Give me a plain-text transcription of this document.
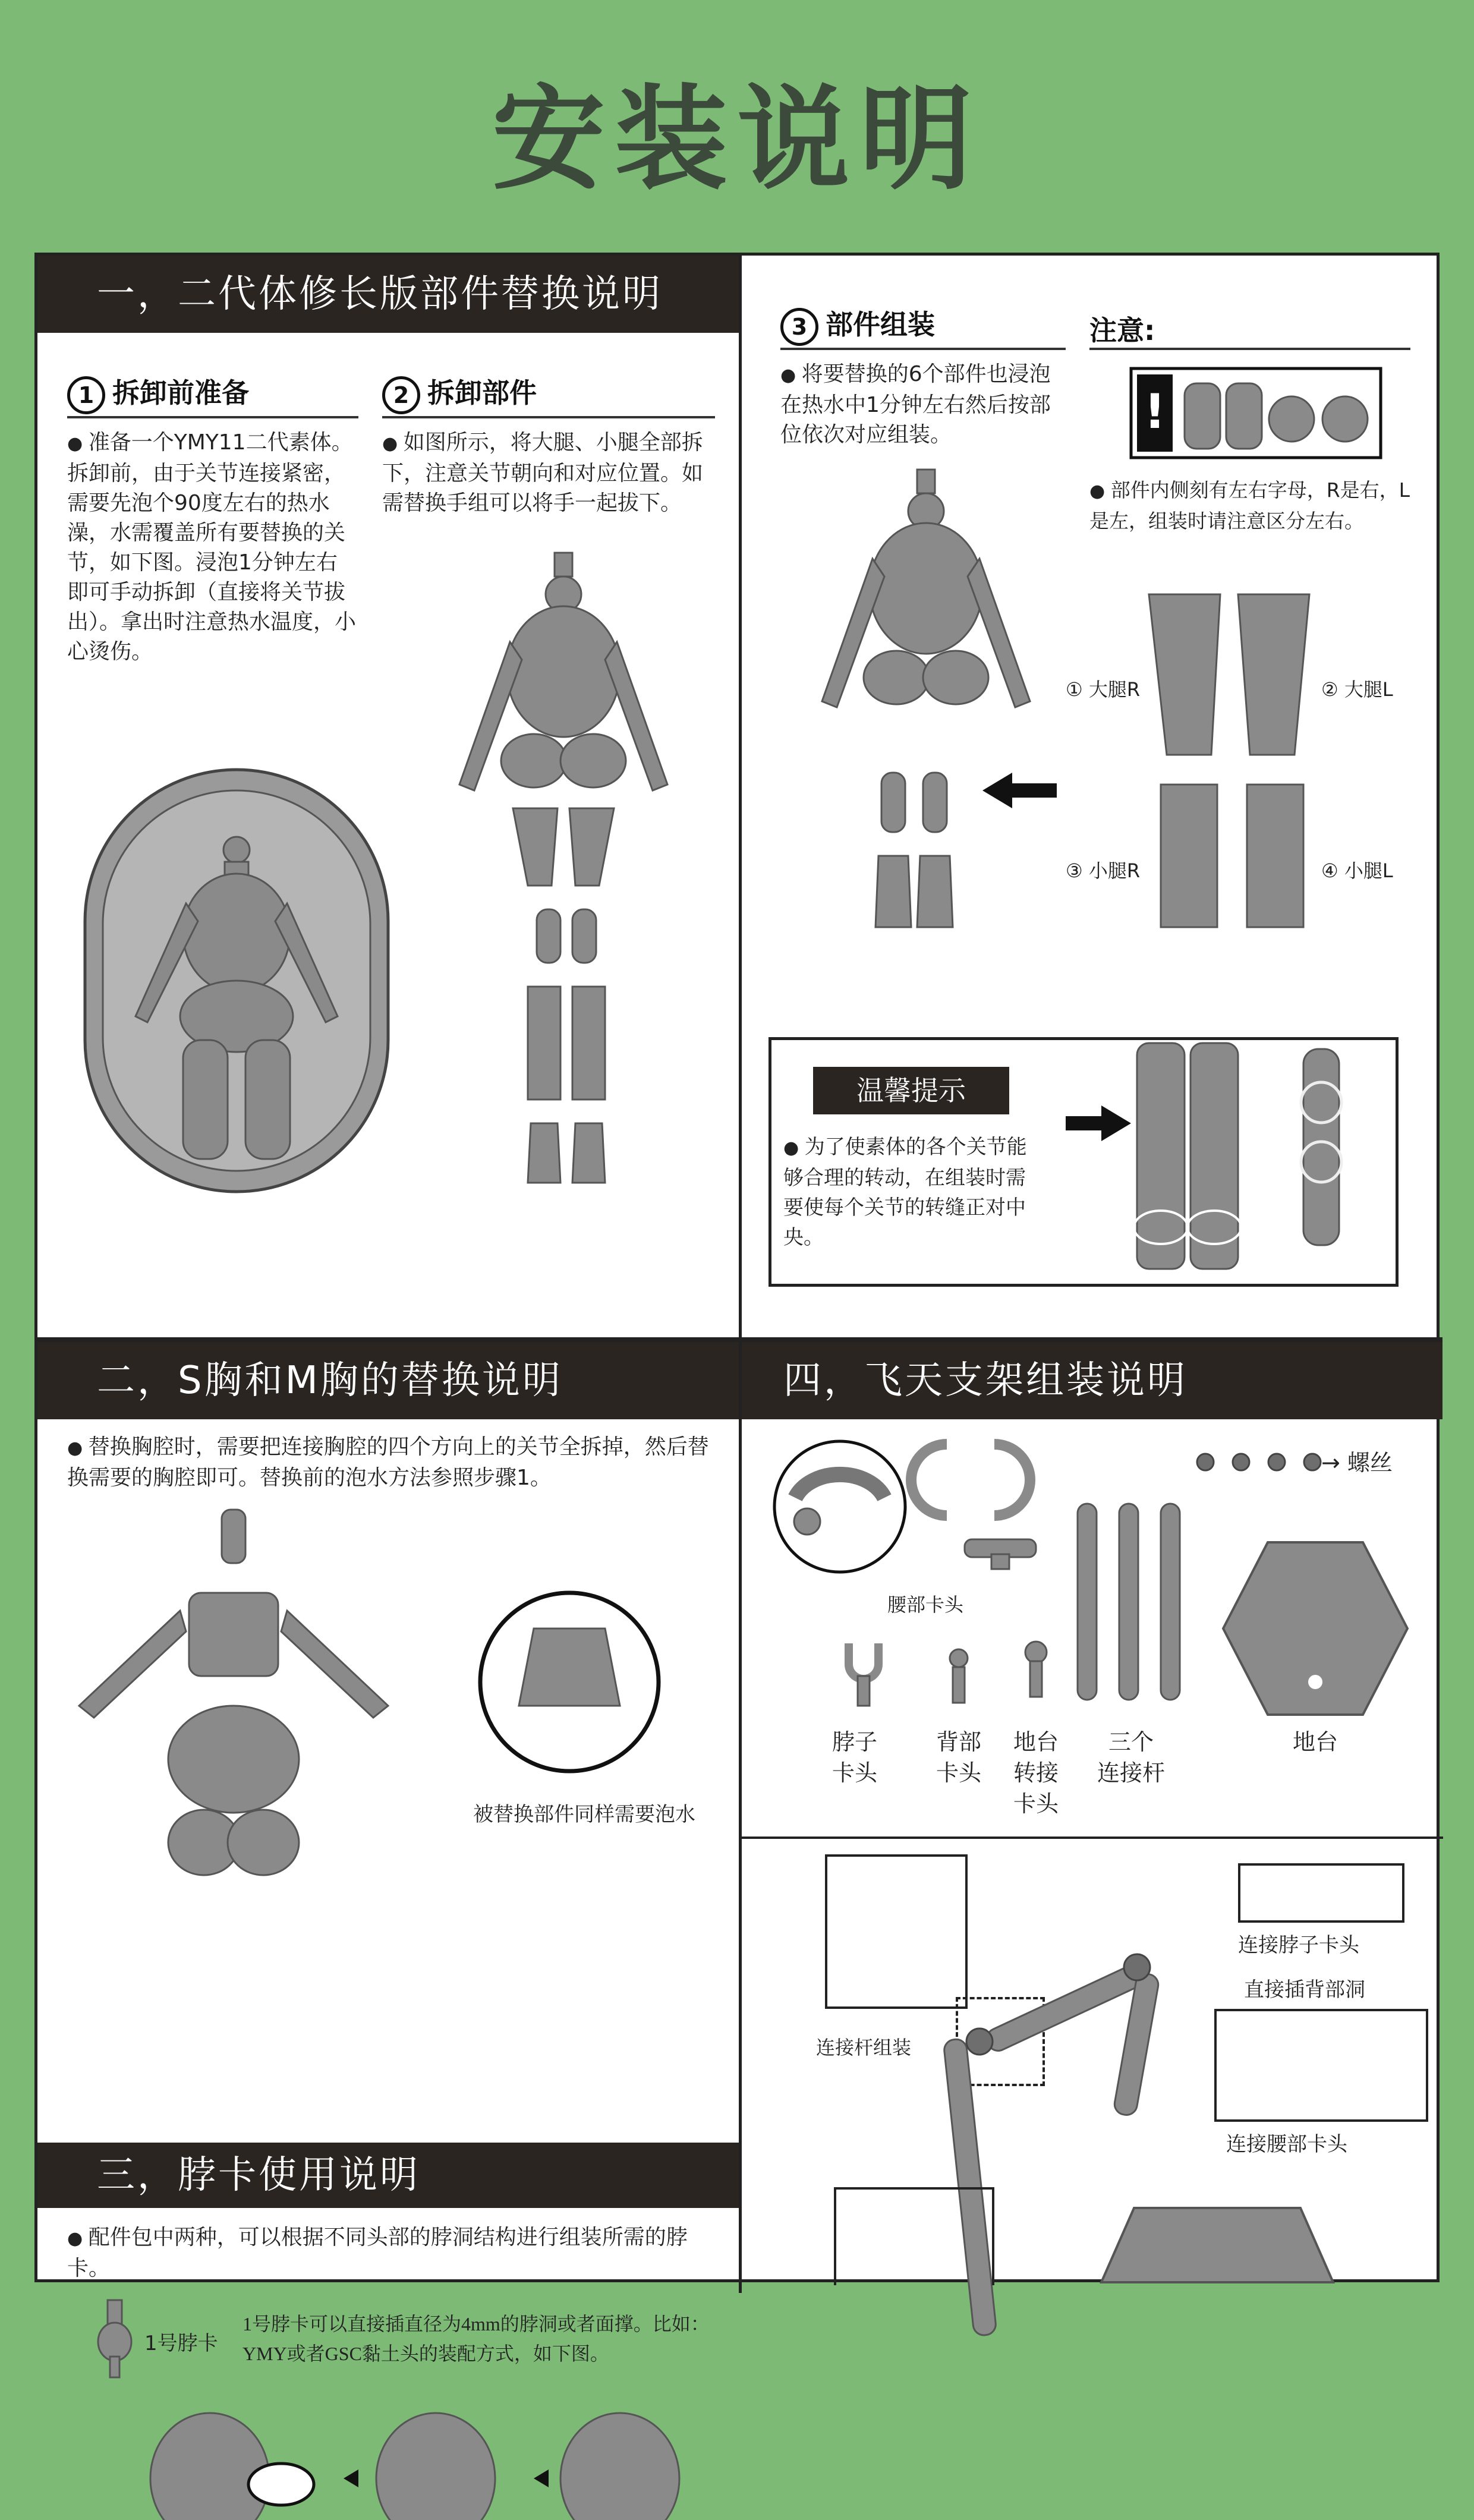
安装说明
一，二代体修长版部件替换说明
1 拆卸前准备
● 准备一个YMY11二代素体。拆卸前，由于关节连接紧密，需要先泡个90度左右的热水澡，水需覆盖所有要替换的关节，如下图。浸泡1分钟左右即可手动拆卸（直接将关节拔出）。拿出时注意热水温度，小心烫伤。
2 拆卸部件
● 如图所示，将大腿、小腿全部拆下，注意关节朝向和对应位置。如需替换手组可以将手一起拔下。
3 部件组装
● 将要替换的6个部件也浸泡在热水中1分钟左右然后按部位依次对应组装。
注意:
!
● 部件内侧刻有左右字母，R是右，L是左，组装时请注意区分左右。
① 大腿R	② 大腿L
③ 小腿R	④ 小腿L
温馨提示
● 为了使素体的各个关节能够合理的转动，在组装时需要使每个关节的转缝正对中央。
二，S胸和M胸的替换说明
● 替换胸腔时，需要把连接胸腔的四个方向上的关节全拆掉，然后替换需要的胸腔即可。替换前的泡水方法参照步骤1。
被替换部件同样需要泡水
三，脖卡使用说明
● 配件包中两种，可以根据不同头部的脖洞结构进行组装所需的脖卡。
1号脖卡
1号脖卡可以直接插直径为4mm的脖洞或者面撑。比如：YMY或者GSC黏土头的装配方式，如下图。
四，飞天支架组装说明
腰部卡头
→ 螺丝
脖子
卡头
背部
卡头
地台
转接
卡头
三个
连接杆
地台
连接杆组装
连接脖子卡头
直接插背部洞
连接腰部卡头
